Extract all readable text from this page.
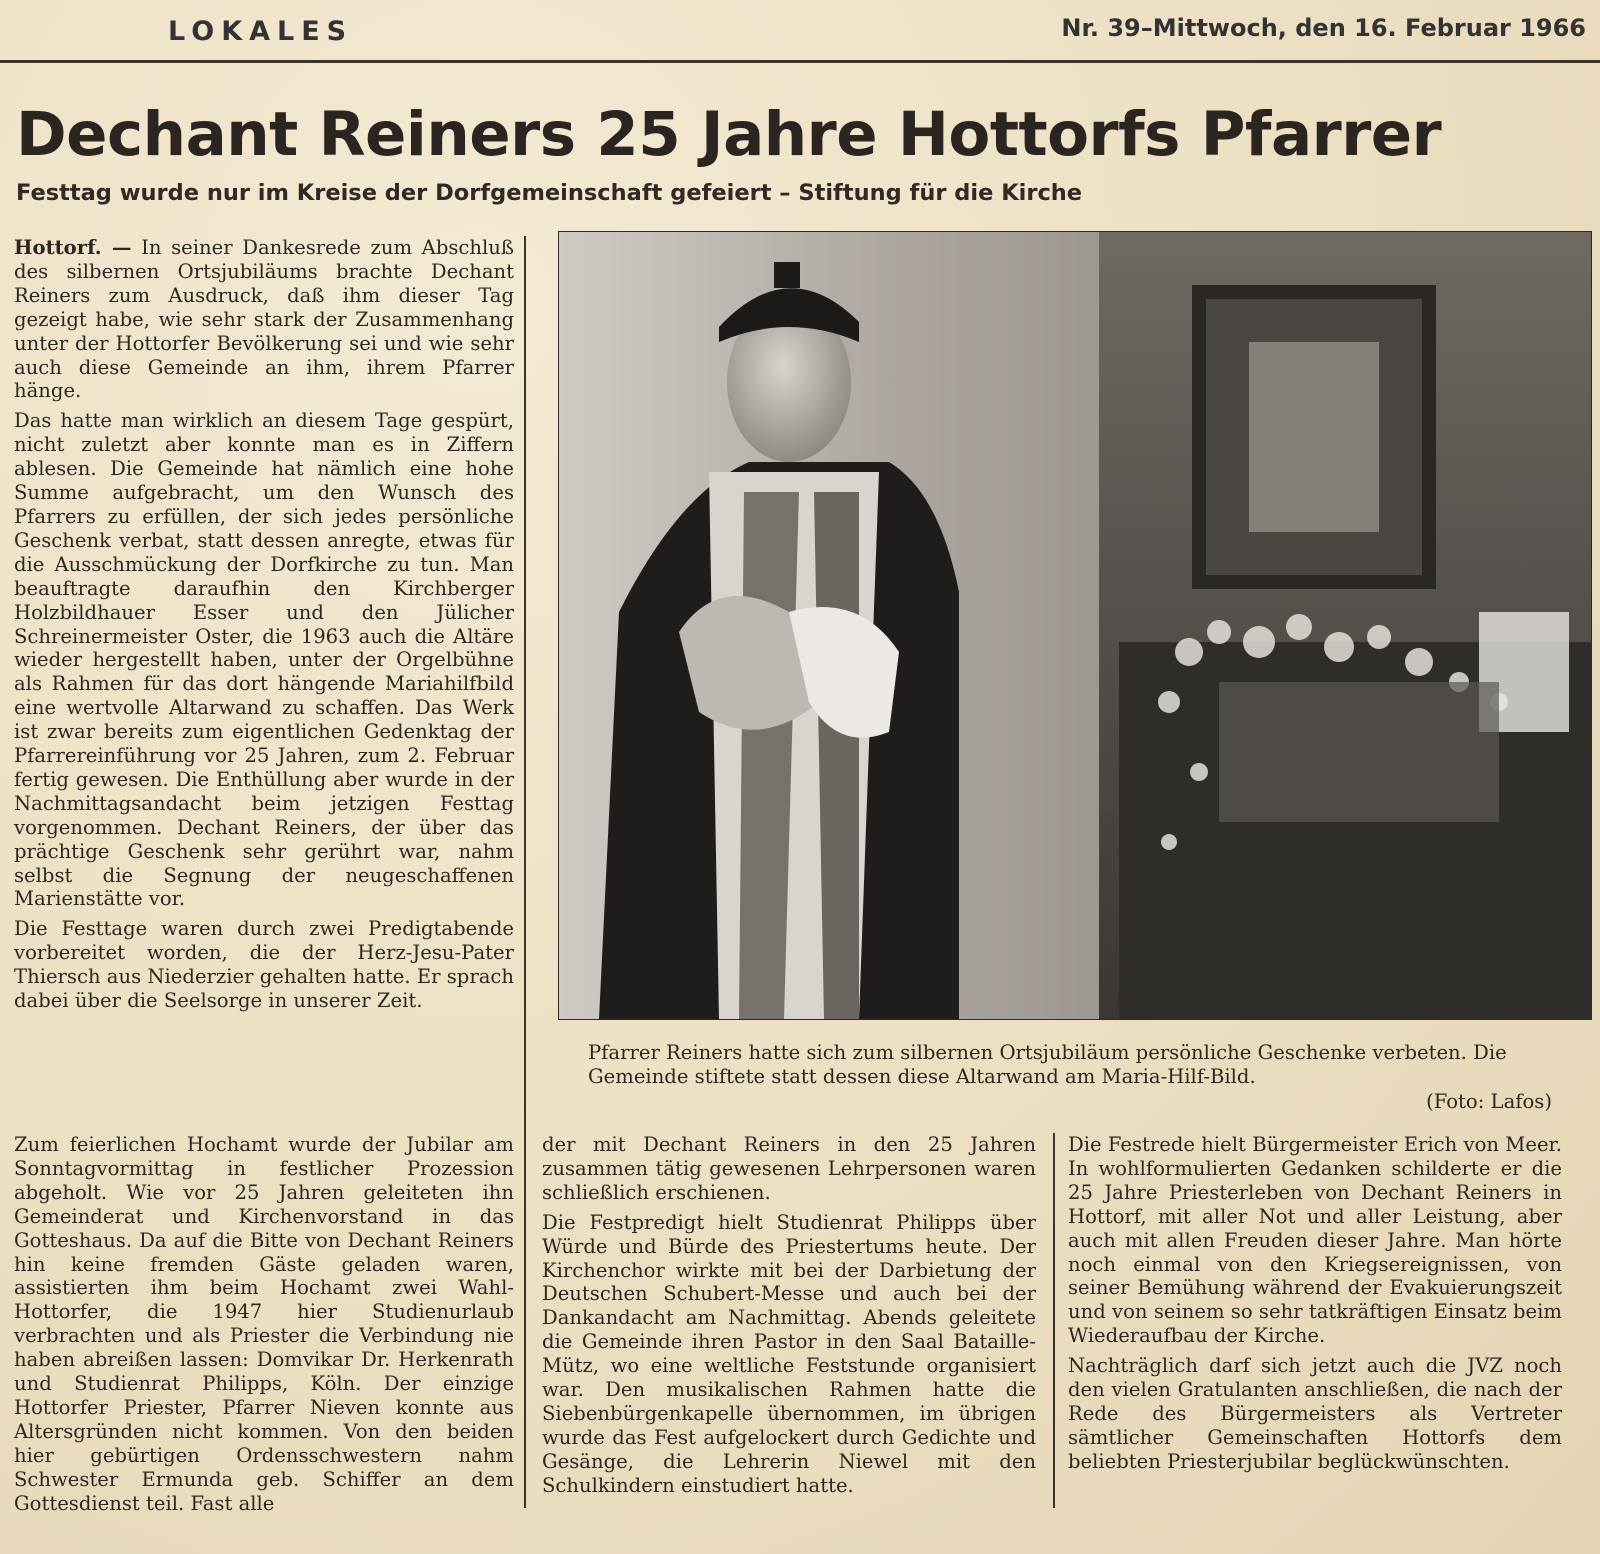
LOKALES	Nr. 39–Mittwoch, den 16. Februar 1966
Dechant Reiners 25 Jahre Hottorfs Pfarrer
Festtag wurde nur im Kreise der Dorfgemeinschaft gefeiert – Stiftung für die Kirche

Hottorf. — In seiner Dankesrede zum Abschluß des silbernen Ortsjubiläums brachte Dechant Reiners zum Ausdruck, daß ihm dieser Tag gezeigt habe, wie sehr stark der Zusammenhang unter der Hottorfer Bevölkerung sei und wie sehr auch diese Gemeinde an ihm, ihrem Pfarrer hänge.

Das hatte man wirklich an diesem Tage gespürt, nicht zuletzt aber konnte man es in Ziffern ablesen. Die Gemeinde hat nämlich eine hohe Summe aufgebracht, um den Wunsch des Pfarrers zu erfüllen, der sich jedes persönliche Geschenk verbat, statt dessen anregte, etwas für die Ausschmückung der Dorfkirche zu tun. Man beauftragte daraufhin den Kirchberger Holzbildhauer Esser und den Jülicher Schreinermeister Oster, die 1963 auch die Altäre wieder hergestellt haben, unter der Orgelbühne als Rahmen für das dort hängende Mariahilfbild eine wertvolle Altarwand zu schaffen. Das Werk ist zwar bereits zum eigentlichen Gedenktag der Pfarrereinführung vor 25 Jahren, zum 2. Februar fertig gewesen. Die Enthüllung aber wurde in der Nachmittagsandacht beim jetzigen Festtag vorgenommen. Dechant Reiners, der über das prächtige Geschenk sehr gerührt war, nahm selbst die Segnung der neugeschaffenen Marienstätte vor.

Die Festtage waren durch zwei Predigtabende vorbereitet worden, die der Herz-Jesu-Pater Thiersch aus Niederzier gehalten hatte. Er sprach dabei über die Seelsorge in unserer Zeit.

Pfarrer Reiners hatte sich zum silbernen Ortsjubiläum persönliche Geschenke verbeten. Die Gemeinde stiftete statt dessen diese Altarwand am Maria-Hilf-Bild.
(Foto: Lafos)

Zum feierlichen Hochamt wurde der Jubilar am Sonntagvormittag in festlicher Prozession abgeholt. Wie vor 25 Jahren geleiteten ihn Gemeinderat und Kirchenvorstand in das Gotteshaus. Da auf die Bitte von Dechant Reiners hin keine fremden Gäste geladen waren, assistierten ihm beim Hochamt zwei Wahl-Hottorfer, die 1947 hier Studienurlaub verbrachten und als Priester die Verbindung nie haben abreißen lassen: Domvikar Dr. Herkenrath und Studienrat Philipps, Köln. Der einzige Hottorfer Priester, Pfarrer Nieven konnte aus Altersgründen nicht kommen. Von den beiden hier gebürtigen Ordensschwestern nahm Schwester Ermunda geb. Schiffer an dem Gottesdienst teil. Fast alle

der mit Dechant Reiners in den 25 Jahren zusammen tätig gewesenen Lehrpersonen waren schließlich erschienen.

Die Festpredigt hielt Studienrat Philipps über Würde und Bürde des Priestertums heute. Der Kirchenchor wirkte mit bei der Darbietung der Deutschen Schubert-Messe und auch bei der Dankandacht am Nachmittag. Abends geleitete die Gemeinde ihren Pastor in den Saal Bataille-Mütz, wo eine weltliche Feststunde organisiert war. Den musikalischen Rahmen hatte die Siebenbürgenkapelle übernommen, im übrigen wurde das Fest aufgelockert durch Gedichte und Gesänge, die Lehrerin Niewel mit den Schulkindern einstudiert hatte.

Die Festrede hielt Bürgermeister Erich von Meer. In wohlformulierten Gedanken schilderte er die 25 Jahre Priesterleben von Dechant Reiners in Hottorf, mit aller Not und aller Leistung, aber auch mit allen Freuden dieser Jahre. Man hörte noch einmal von den Kriegsereignissen, von seiner Bemühung während der Evakuierungszeit und von seinem so sehr tatkräftigen Einsatz beim Wiederaufbau der Kirche.

Nachträglich darf sich jetzt auch die JVZ noch den vielen Gratulanten anschließen, die nach der Rede des Bürgermeisters als Vertreter sämtlicher Gemeinschaften Hottorfs dem beliebten Priesterjubilar beglückwünschten.
